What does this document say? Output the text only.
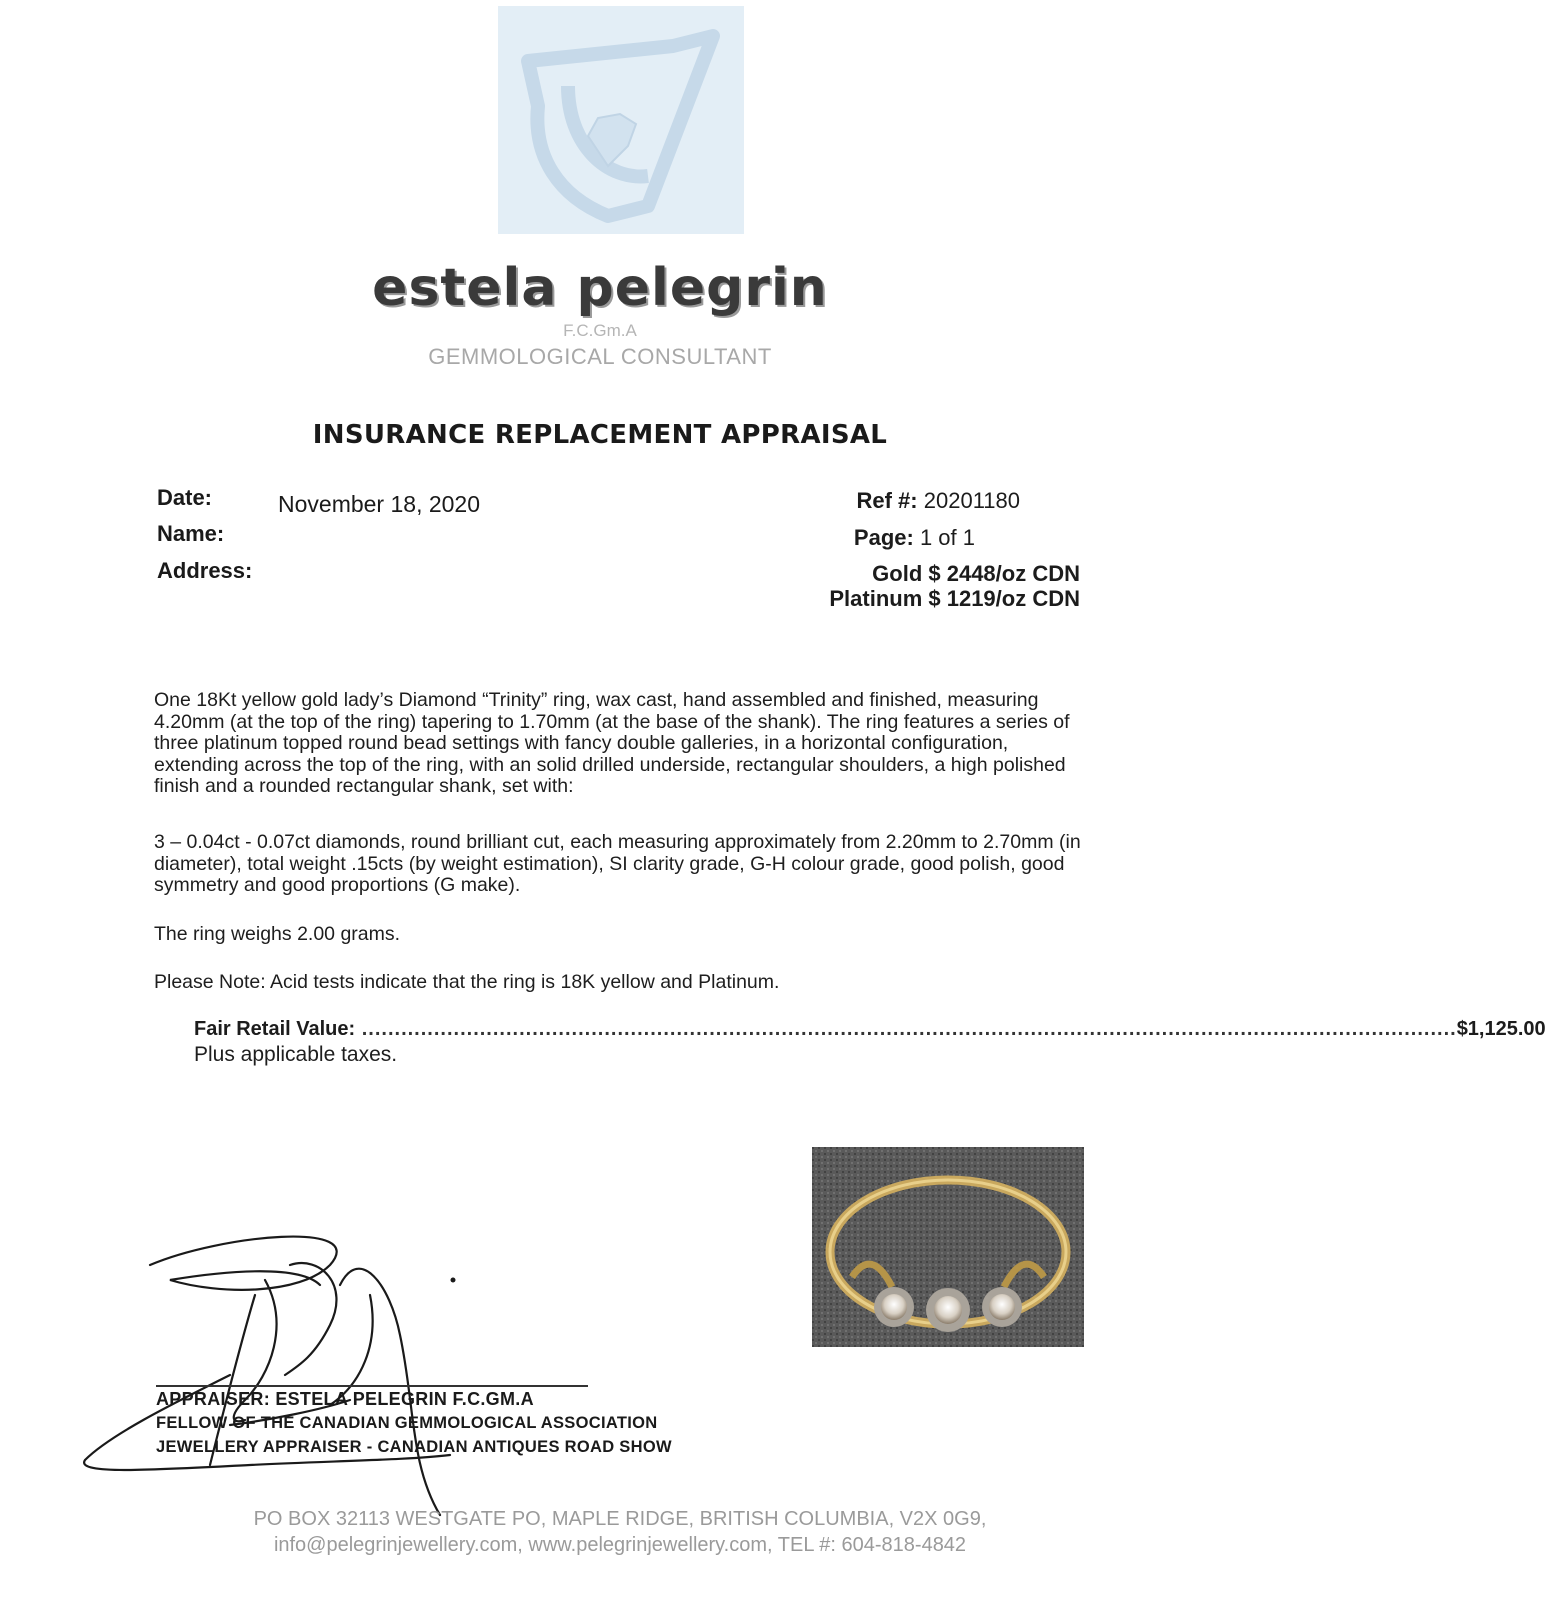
estela pelegrin
F.C.Gm.A
GEMMOLOGICAL CONSULTANT
INSURANCE REPLACEMENT APPRAISAL
Date:	November 18, 2020
Name:
Address:
Ref #: 20201180
Page: 1 of 1
Gold $ 2448/oz CDN
Platinum $ 1219/oz CDN
One 18Kt yellow gold lady’s Diamond “Trinity” ring, wax cast, hand assembled and finished, measuring 4.20mm (at the top of the ring) tapering to 1.70mm (at the base of the shank). The ring features a series of three platinum topped round bead settings with fancy double galleries, in a horizontal configuration, extending across the top of the ring, with an solid drilled underside, rectangular shoulders, a high polished finish and a rounded rectangular shank, set with:
3 – 0.04ct - 0.07ct diamonds, round brilliant cut, each measuring approximately from 2.20mm to 2.70mm (in diameter), total weight .15cts (by weight estimation), SI clarity grade, G-H colour grade, good polish, good symmetry and good proportions (G make).
The ring weighs 2.00 grams.
Please Note: Acid tests indicate that the ring is 18K yellow and Platinum.
Fair Retail Value: ....................................................................................................................................................................... $1,125.00
Plus applicable taxes.
APPRAISER: ESTELA PELEGRIN F.C.GM.A
FELLOW OF THE CANADIAN GEMMOLOGICAL ASSOCIATION
JEWELLERY APPRAISER - CANADIAN ANTIQUES ROAD SHOW
PO BOX 32113 WESTGATE PO, MAPLE RIDGE, BRITISH COLUMBIA, V2X 0G9,
info@pelegrinjewellery.com, www.pelegrinjewellery.com, TEL #: 604-818-4842
